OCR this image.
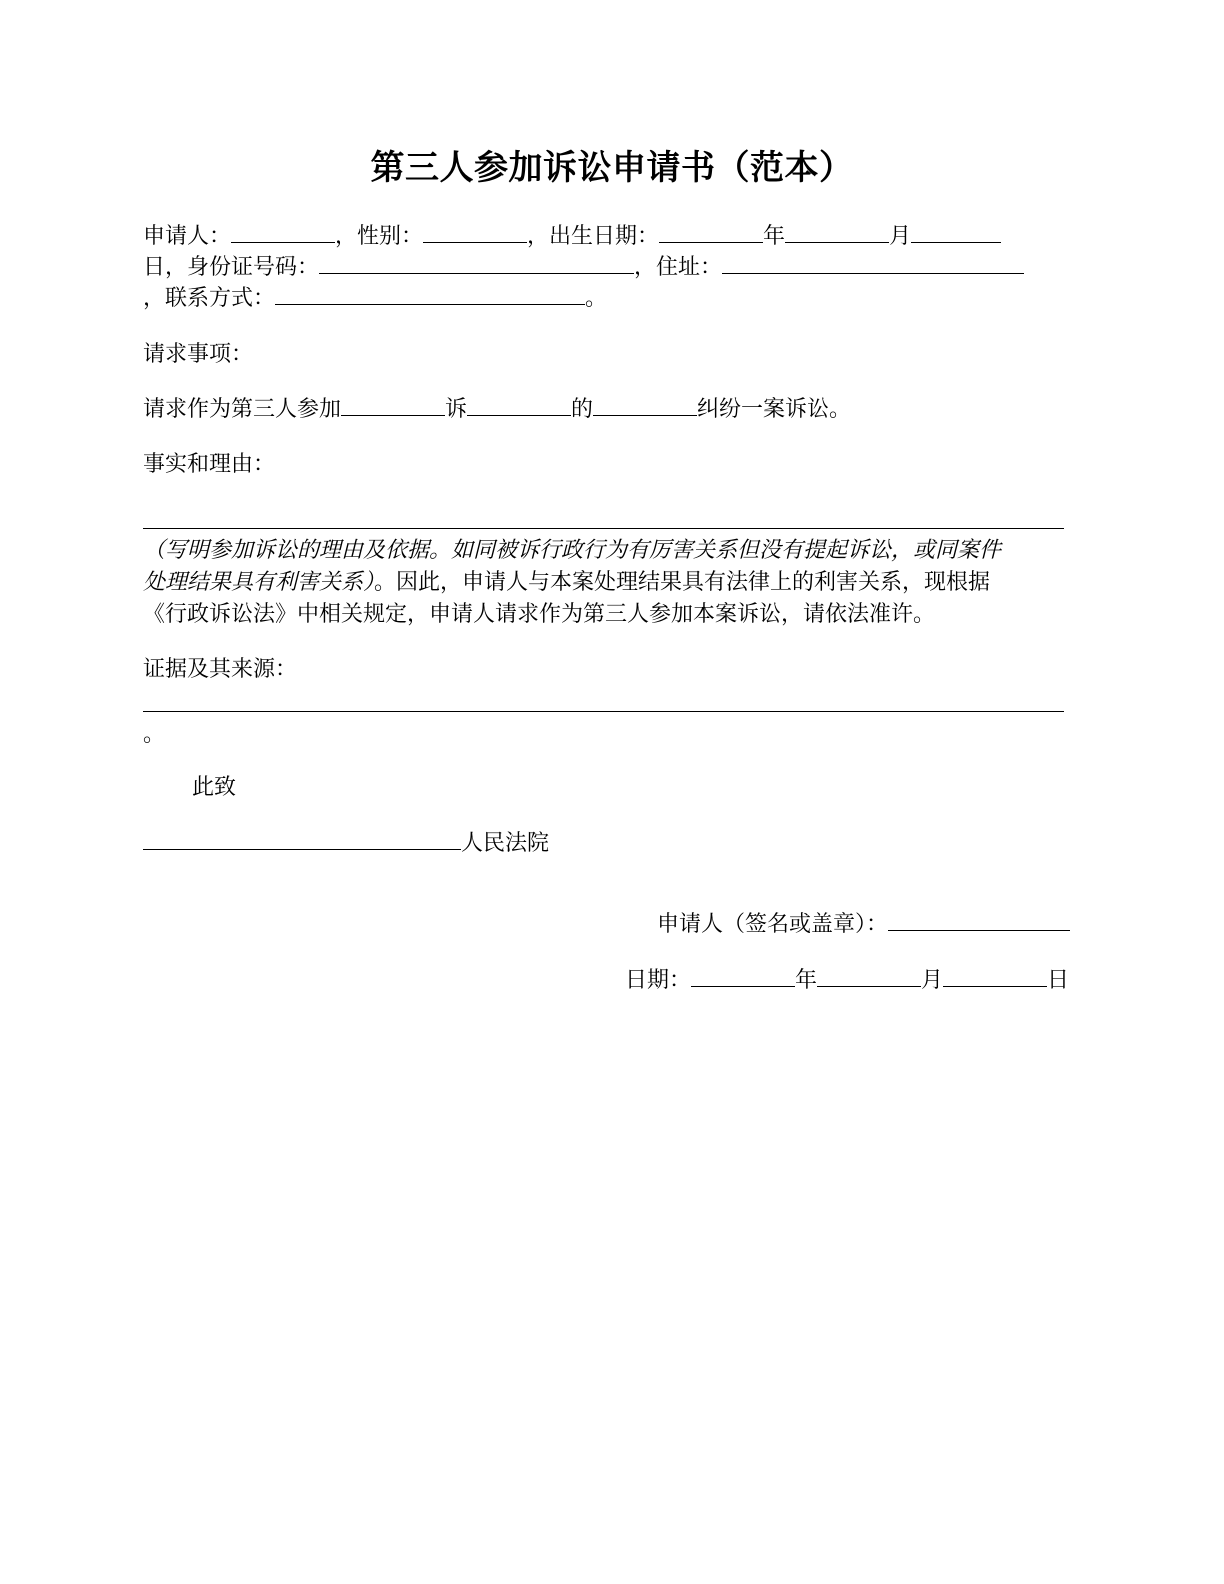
第三人参加诉讼申请书（范本）
申请人：	，性别：	，出生日期：	年	月
日，身份证号码：	，住址：
，联系方式：	。
请求事项：
请求作为第三人参加	诉	的	纠纷一案诉讼。
事实和理由：
（写明参加诉讼的理由及依据。如同被诉行政行为有厉害关系但没有提起诉讼，或同案件
处理结果具有利害关系）。因此，申请人与本案处理结果具有法律上的利害关系，现根据
《行政诉讼法》中相关规定，申请人请求作为第三人参加本案诉讼，请依法准许。
证据及其来源：
。
此致
人民法院
申请人（签名或盖章）：
日期：	年	月	日
